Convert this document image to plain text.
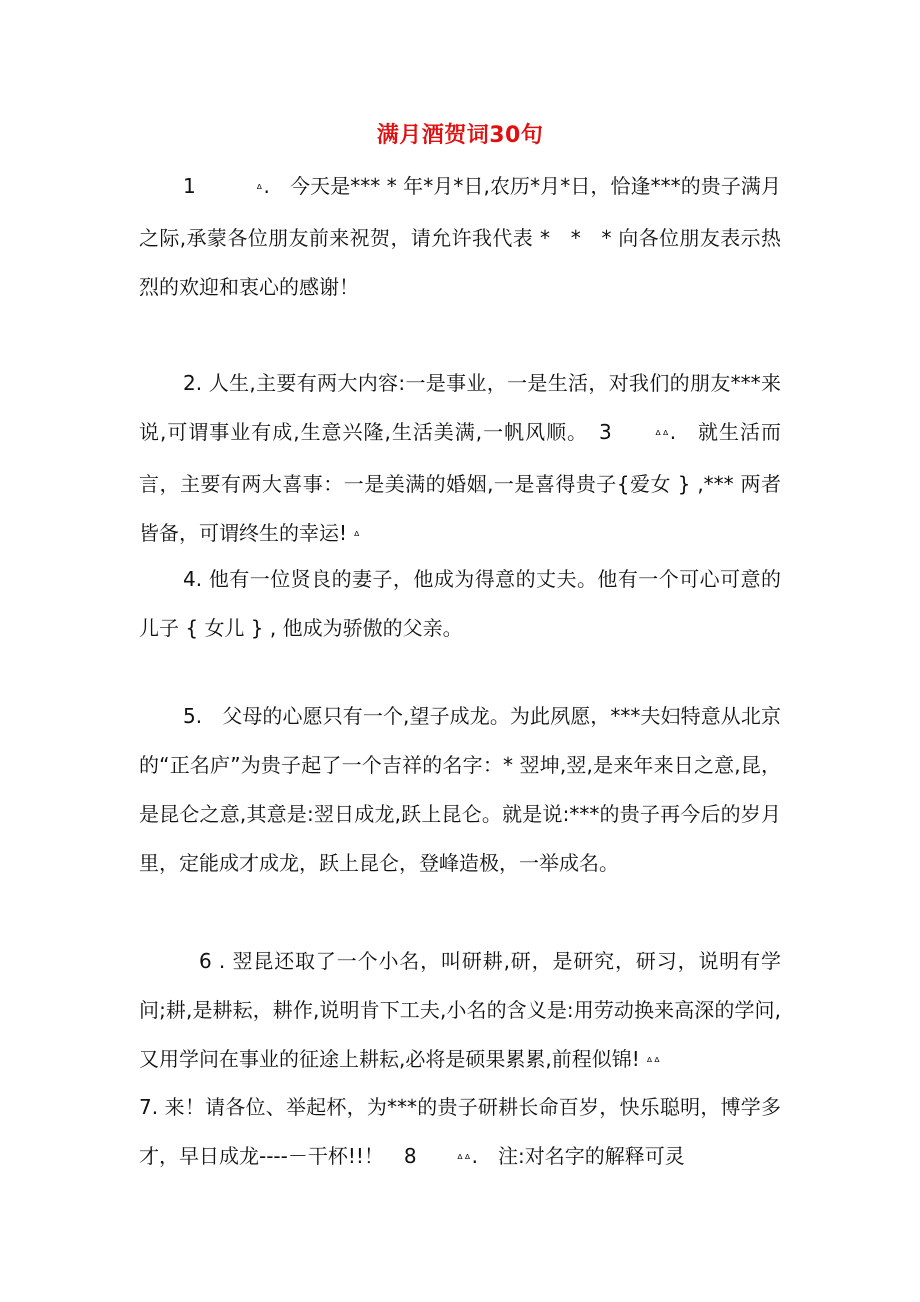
满月酒贺词30句
1　　　ᐞ.　今天是*** * 年*月*日,农历*月*日，恰逢***的贵子满月之际,承蒙各位朋友前来祝贺，请允许我代表 *　*　* 向各位朋友表示热烈的欢迎和衷心的感谢！
2. 人生,主要有两大内容:一是事业，一是生活，对我们的朋友***来说,可谓事业有成,生意兴隆,生活美满,一帆风顺。　3　　ᐞᐞ.　就生活而言，主要有两大喜事：一是美满的婚姻,一是喜得贵子{爱女 } ,*** 两者皆备，可谓终生的幸运! ᐞ
4. 他有一位贤良的妻子，他成为得意的丈夫。他有一个可心可意的儿子 { 女儿 } , 他成为骄傲的父亲。
5.　父母的心愿只有一个,望子成龙。为此夙愿，***夫妇特意从北京的“正名庐”为贵子起了一个吉祥的名字：* 翌坤,翌,是来年来日之意,昆，是昆仑之意,其意是:翌日成龙,跃上昆仑。就是说:***的贵子再今后的岁月里，定能成才成龙，跃上昆仑，登峰造极，一举成名。
6 . 翌昆还取了一个小名，叫研耕,研，是研究，研习，说明有学问;耕,是耕耘，耕作,说明肯下工夫,小名的含义是:用劳动换来高深的学问,又用学问在事业的征途上耕耘,必将是硕果累累,前程似锦! ᐞᐞ
7. 来！请各位、举起杯，为***的贵子研耕长命百岁，快乐聪明，博学多才，早日成龙----－干杯!!！　8　　ᐞᐞ.　注:对名字的解释可灵
